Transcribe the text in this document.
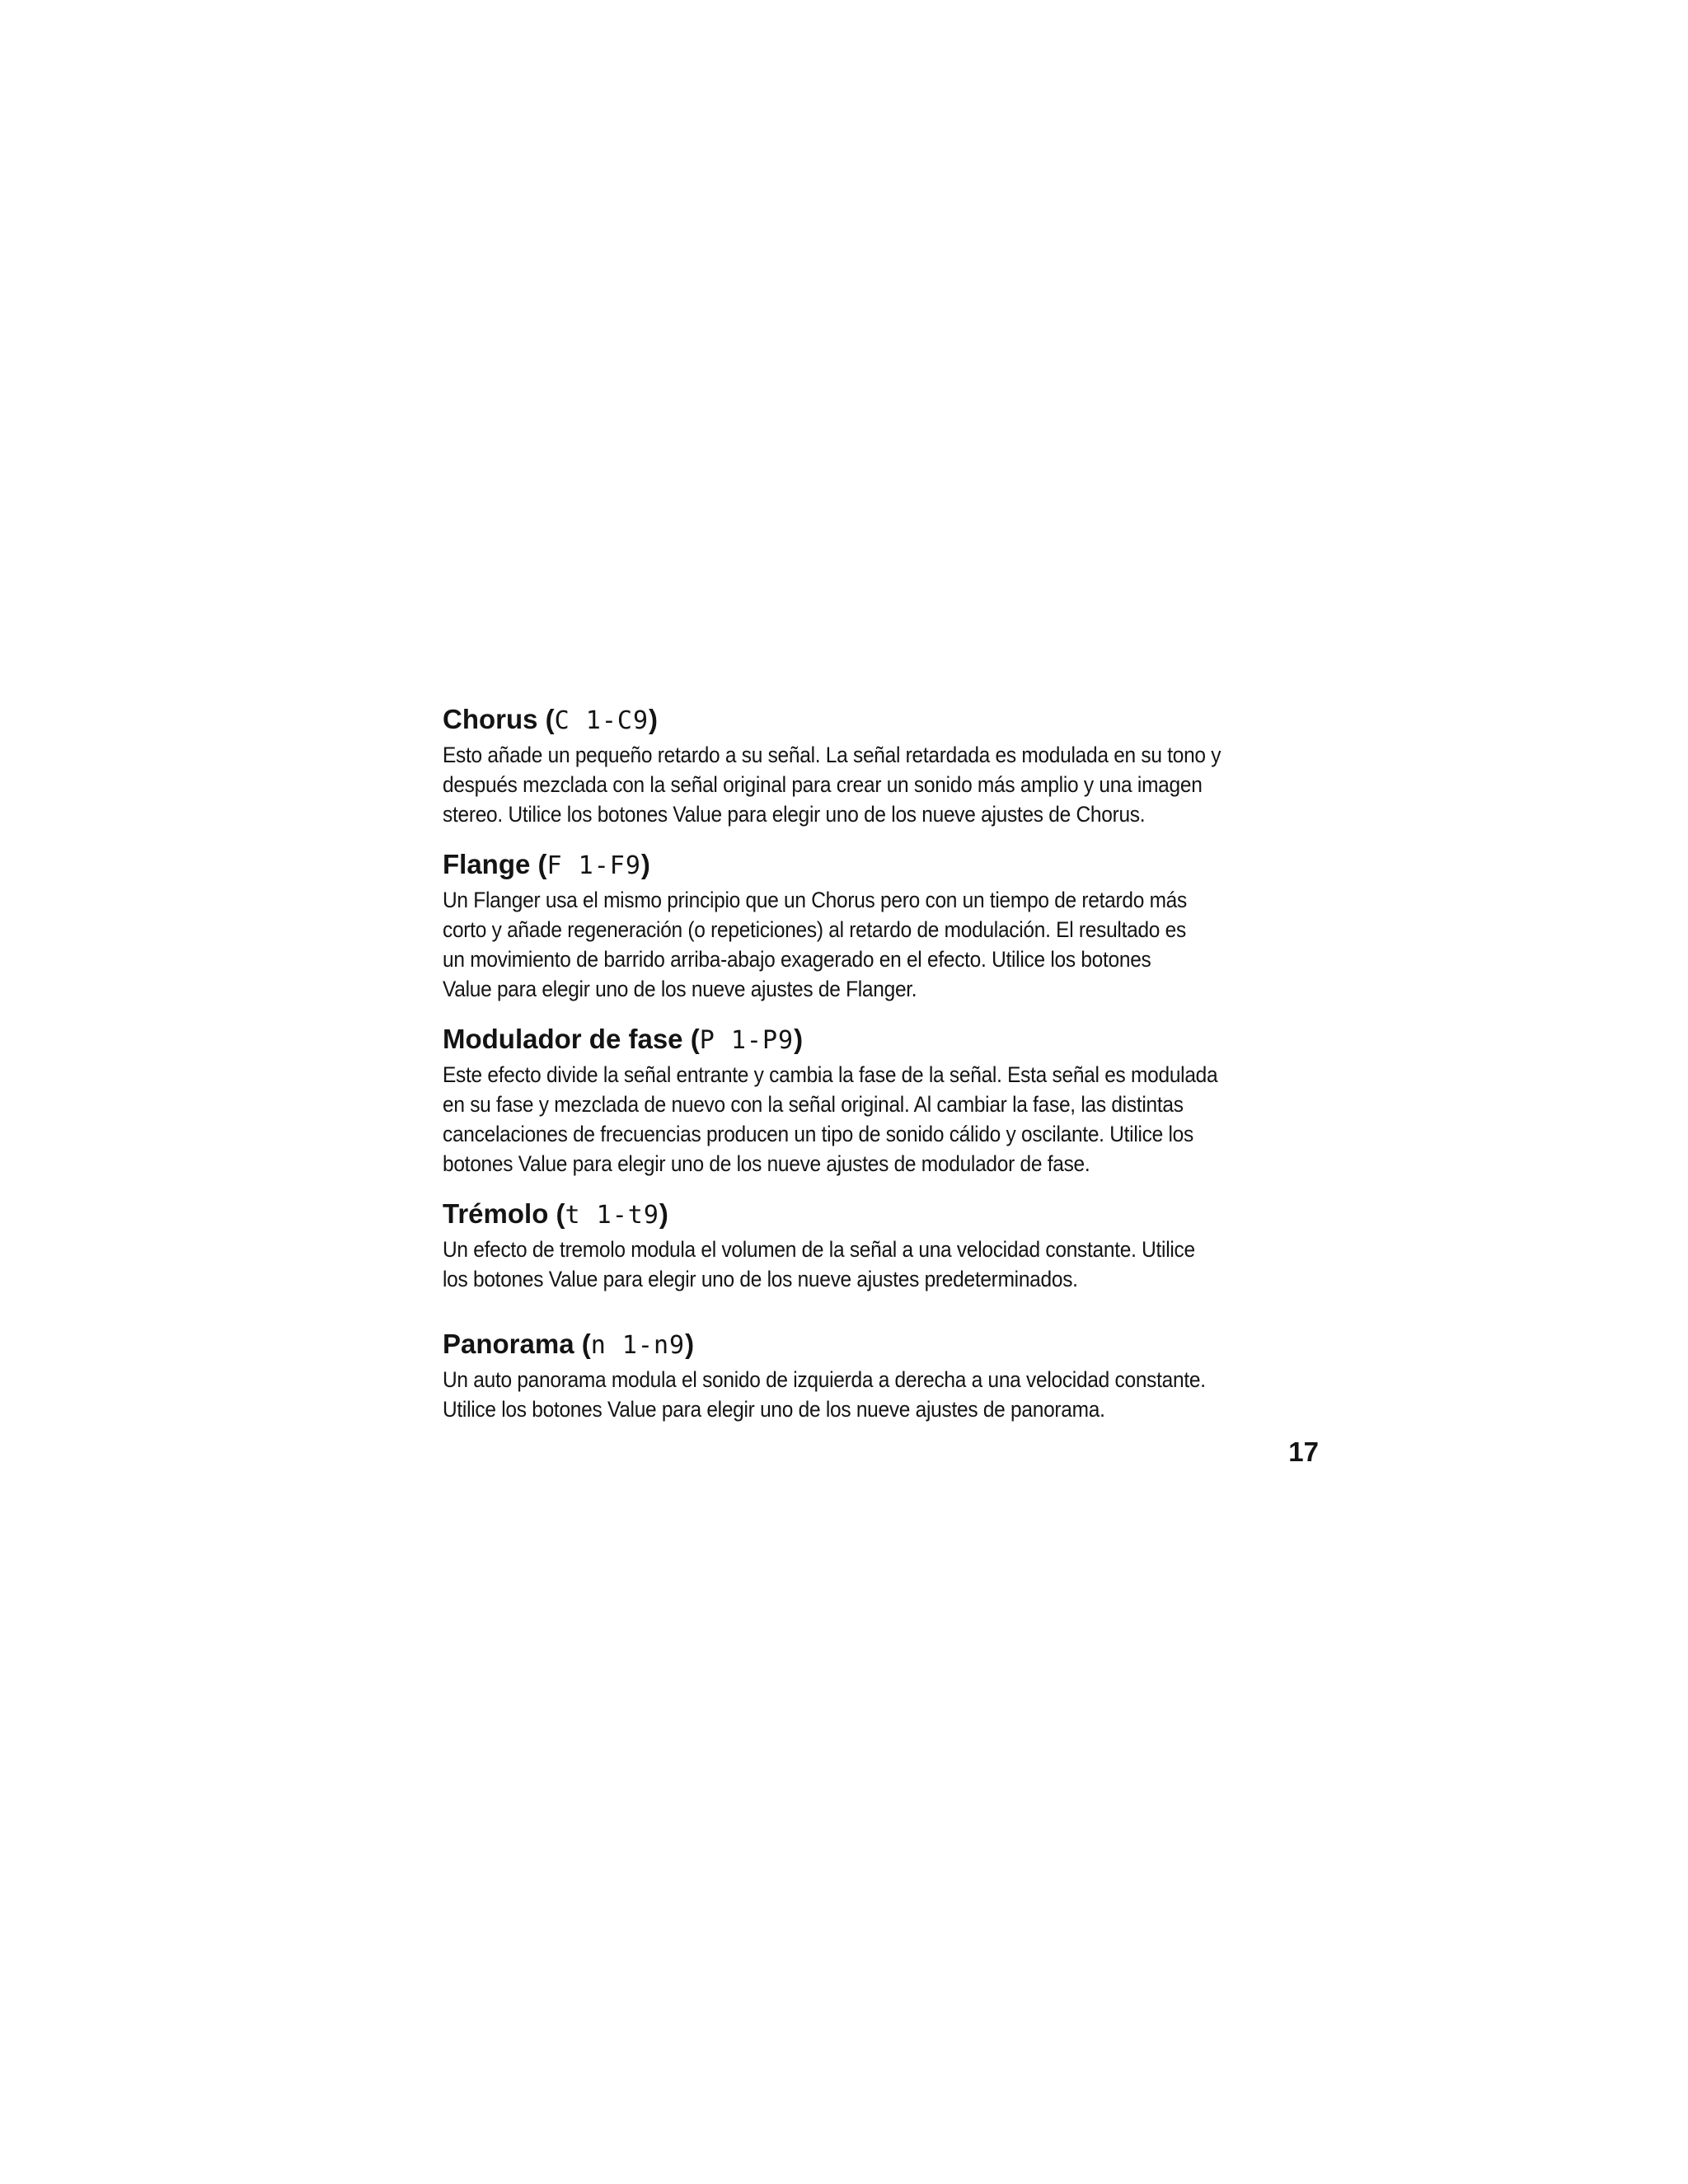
Chorus (C 1-C9)
Esto añade un pequeño retardo a su señal. La señal retardada es modulada en su tono y
después mezclada con la señal original para crear un sonido más amplio y una imagen
stereo. Utilice los botones Value para elegir uno de los nueve ajustes de Chorus.
Flange (F 1-F9)
Un Flanger usa el mismo principio que un Chorus pero con un tiempo de retardo más
corto y añade regeneración (o repeticiones) al retardo de modulación. El resultado es
un movimiento de barrido arriba-abajo exagerado en el efecto. Utilice los botones
Value para elegir uno de los nueve ajustes de Flanger.
Modulador de fase (P 1-P9)
Este efecto divide la señal entrante y cambia la fase de la señal. Esta señal es modulada
en su fase y mezclada de nuevo con la señal original. Al cambiar la fase, las distintas
cancelaciones de frecuencias producen un tipo de sonido cálido y oscilante. Utilice los
botones Value para elegir uno de los nueve ajustes de modulador de fase.
Trémolo (t 1-t9)
Un efecto de tremolo modula el volumen de la señal a una velocidad constante. Utilice
los botones Value para elegir uno de los nueve ajustes predeterminados.
Panorama (n 1-n9)
Un auto panorama modula el sonido de izquierda a derecha a una velocidad constante.
Utilice los botones Value para elegir uno de los nueve ajustes de panorama.
17
